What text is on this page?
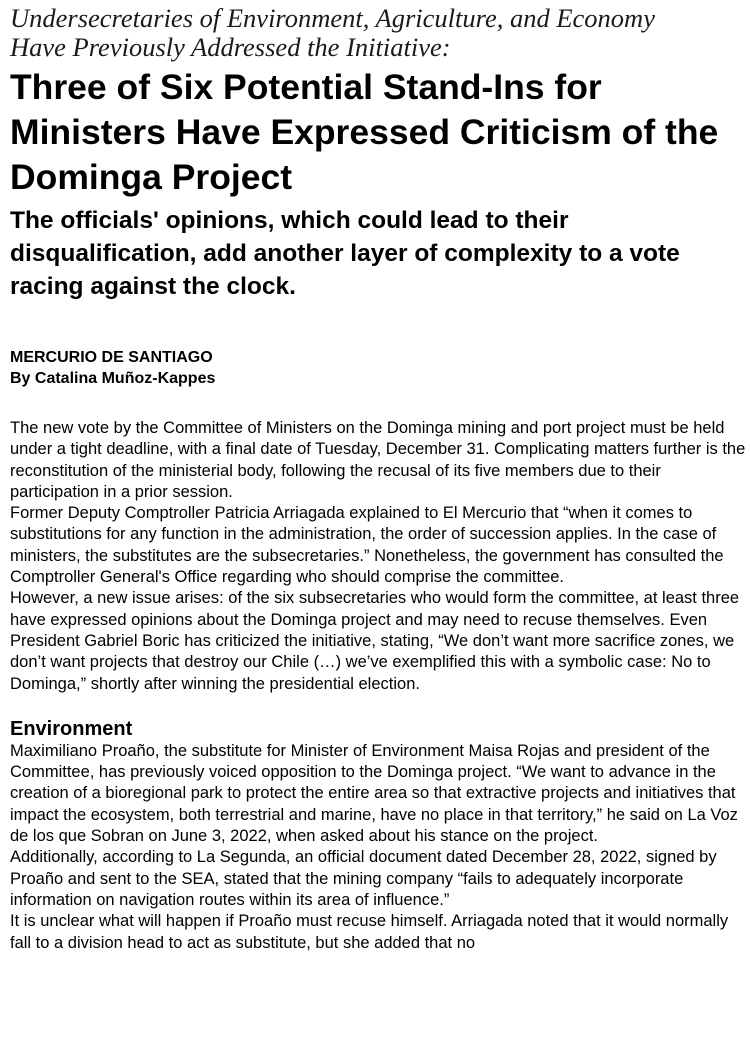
Undersecretaries of Environment, Agriculture, and Economy
Have Previously Addressed the Initiative:
Three of Six Potential Stand-Ins for Ministers Have Expressed Criticism of the Dominga Project
The officials' opinions, which could lead to their disqualification, add another layer of complexity to a vote racing against the clock.
MERCURIO DE SANTIAGO
By Catalina Muñoz-Kappes

The new vote by the Committee of Ministers on the Dominga mining and port project must be held under a tight deadline, with a final date of Tuesday, December 31. Complicating matters further is the reconstitution of the ministerial body, following the recusal of its five members due to their participation in a prior session.

Former Deputy Comptroller Patricia Arriagada explained to El Mercurio that “when it comes to substitutions for any function in the administration, the order of succession applies. In the case of ministers, the substitutes are the subsecretaries.” Nonetheless, the government has consulted the Comptroller General's Office regarding who should comprise the committee.

However, a new issue arises: of the six subsecretaries who would form the committee, at least three have expressed opinions about the Dominga project and may need to recuse themselves. Even President Gabriel Boric has criticized the initiative, stating, “We don’t want more sacrifice zones, we don’t want projects that destroy our Chile (…) we’ve exemplified this with a symbolic case: No to Dominga,” shortly after winning the presidential election.

Environment

Maximiliano Proaño, the substitute for Minister of Environment Maisa Rojas and president of the Committee, has previously voiced opposition to the Dominga project. “We want to advance in the creation of a bioregional park to protect the entire area so that extractive projects and initiatives that impact the ecosystem, both terrestrial and marine, have no place in that territory,” he said on La Voz de los que Sobran on June 3, 2022, when asked about his stance on the project.

Additionally, according to La Segunda, an official document dated December 28, 2022, signed by Proaño and sent to the SEA, stated that the mining company “fails to adequately incorporate information on navigation routes within its area of influence.”

It is unclear what will happen if Proaño must recuse himself. Arriagada noted that it would normally fall to a division head to act as substitute, but she added that no
